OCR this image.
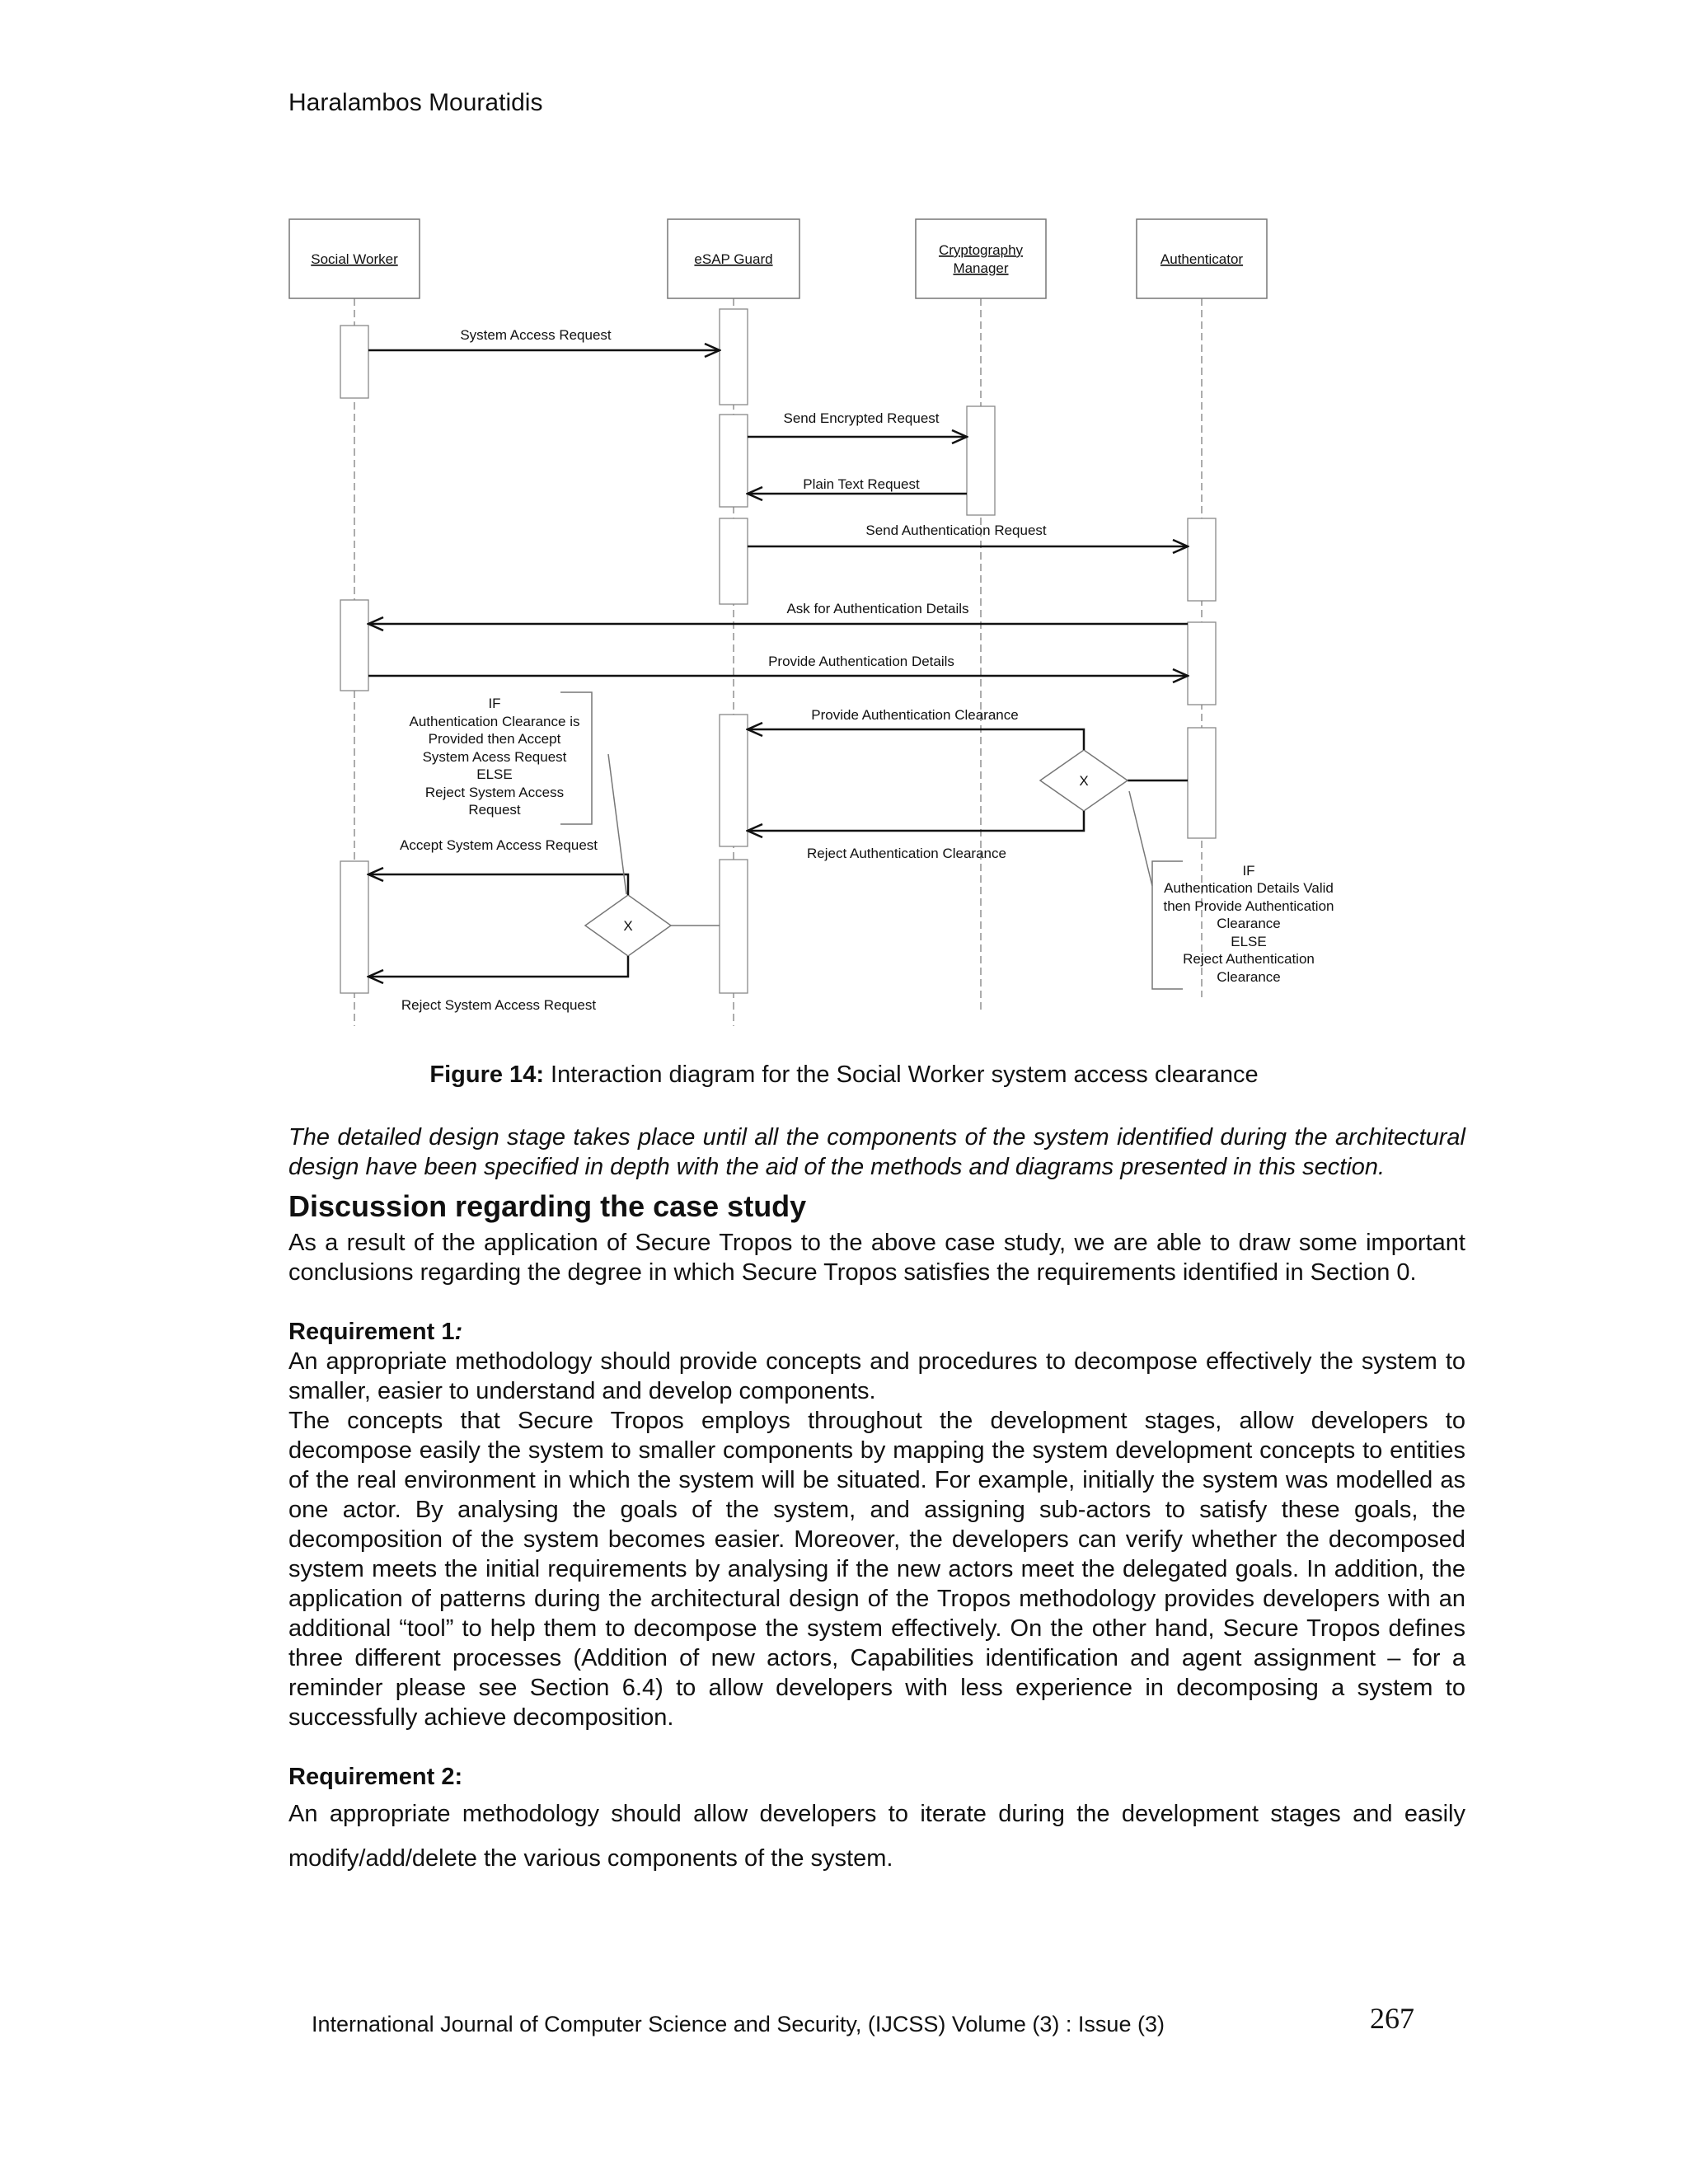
Haralambos Mouratidis
Social Worker	eSAP Guard
Cryptography
Manager
Authenticator
System Access Request
Send Encrypted Request
Plain Text Request
Send Authentication Request
Ask for Authentication Details
Provide Authentication Details
X
Provide Authentication Clearance
Reject Authentication Clearance
X
Accept System Access Request
Reject System Access Request
IF
Authentication Clearance is
Provided then Accept
System Acess Request
ELSE
Reject System Access
Request
IF
Authentication Details Valid
then Provide Authentication
Clearance
ELSE
Reject Authentication
Clearance
Figure 14: Interaction diagram for the Social Worker system access clearance

The detailed design stage takes place until all the components of the system identified during the architectural design have been specified in depth with the aid of the methods and diagrams presented in this section.

Discussion regarding the case study

As a result of the application of Secure Tropos to the above case study, we are able to draw some important conclusions regarding the degree in which Secure Tropos satisfies the requirements identified in Section 0.

Requirement 1:

An appropriate methodology should provide concepts and procedures to decompose effectively the system to smaller, easier to understand and develop components.

The concepts that Secure Tropos employs throughout the development stages, allow developers to decompose easily the system to smaller components by mapping the system development concepts to entities of the real environment in which the system will be situated. For example, initially the system was modelled as one actor. By analysing the goals of the system, and assigning sub-actors to satisfy these goals, the decomposition of the system becomes easier. Moreover, the developers can verify whether the decomposed system meets the initial requirements by analysing if the new actors meet the delegated goals. In addition, the application of patterns during the architectural design of the Tropos methodology provides developers with an additional “tool” to help them to decompose the system effectively. On the other hand, Secure Tropos defines three different processes (Addition of new actors, Capabilities identification and agent assignment – for a reminder please see Section 6.4) to allow developers with less experience in decomposing a system to successfully achieve decomposition.

Requirement 2:

An appropriate methodology should allow developers to iterate during the development stages and easily modify/add/delete the various components of the system.

International Journal of Computer Science and Security, (IJCSS) Volume (3) : Issue (3)	267
